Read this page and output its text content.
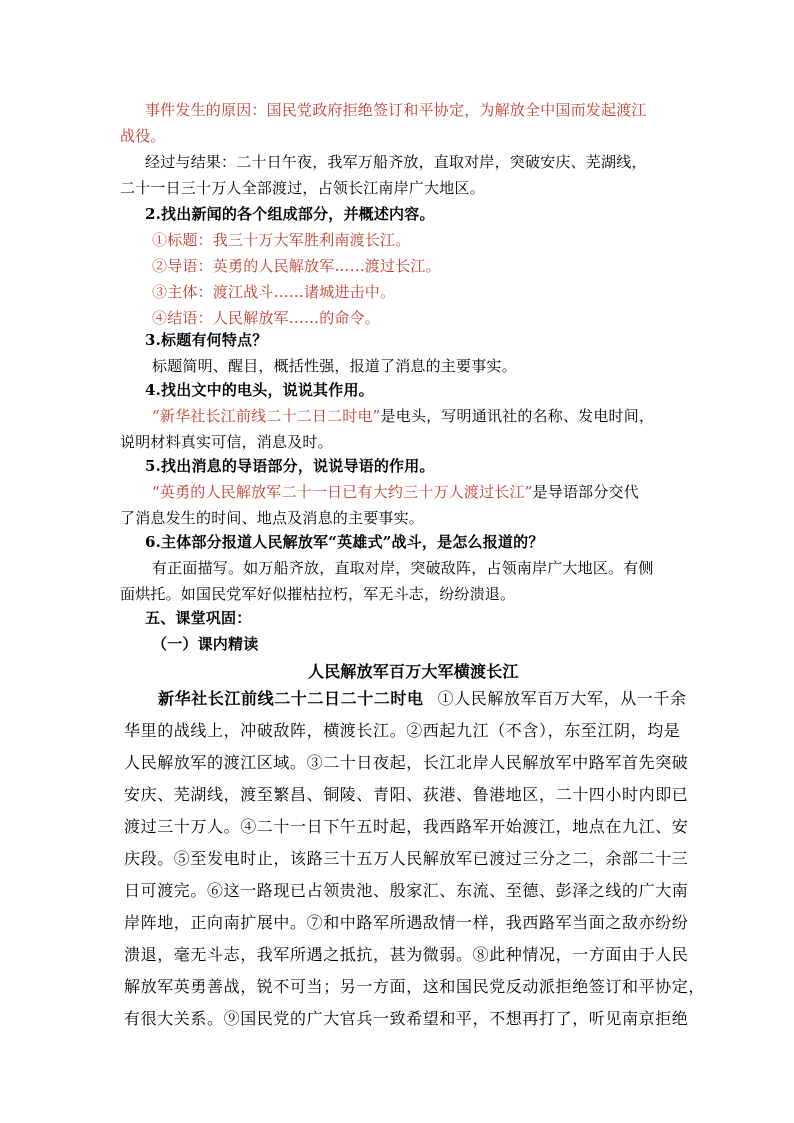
事件发生的原因：国民党政府拒绝签订和平协定，为解放全中国而发起渡江
战役。
经过与结果：二十日午夜，我军万船齐放，直取对岸，突破安庆、芜湖线，
二十一日三十万人全部渡过，占领长江南岸广大地区。
2.找出新闻的各个组成部分，并概述内容。
①标题：我三十万大军胜利南渡长江。
②导语：英勇的人民解放军……渡过长江。
③主体：渡江战斗……诸城进击中。
④结语：人民解放军……的命令。
3.标题有何特点？
标题简明、醒目，概括性强，报道了消息的主要事实。
4.找出文中的电头，说说其作用。
“新华社长江前线二十二日二时电”是电头，写明通讯社的名称、发电时间，
说明材料真实可信，消息及时。
5.找出消息的导语部分，说说导语的作用。
“英勇的人民解放军二十一日已有大约三十万人渡过长江”是导语部分交代
了消息发生的时间、地点及消息的主要事实。
6.主体部分报道人民解放军“英雄式”战斗，是怎么报道的？
有正面描写。如万船齐放，直取对岸，突破敌阵，占领南岸广大地区。有侧
面烘托。如国民党军好似摧枯拉朽，军无斗志，纷纷溃退。
五、课堂巩固：
（一）课内精读
人民解放军百万大军横渡长江
新华社长江前线二十二日二十二时电 ①人民解放军百万大军，从一千余
华里的战线上，冲破敌阵，横渡长江。②西起九江（不含），东至江阴，均是
人民解放军的渡江区域。③二十日夜起，长江北岸人民解放军中路军首先突破
安庆、芜湖线，渡至繁昌、铜陵、青阳、荻港、鲁港地区，二十四小时内即已
渡过三十万人。④二十一日下午五时起，我西路军开始渡江，地点在九江、安
庆段。⑤至发电时止，该路三十五万人民解放军已渡过三分之二，余部二十三
日可渡完。⑥这一路现已占领贵池、殷家汇、东流、至德、彭泽之线的广大南
岸阵地，正向南扩展中。⑦和中路军所遇敌情一样，我西路军当面之敌亦纷纷
溃退，毫无斗志，我军所遇之抵抗，甚为微弱。⑧此种情况，一方面由于人民
解放军英勇善战，锐不可当；另一方面，这和国民党反动派拒绝签订和平协定，
有很大关系。⑨国民党的广大官兵一致希望和平，不想再打了，听见南京拒绝
